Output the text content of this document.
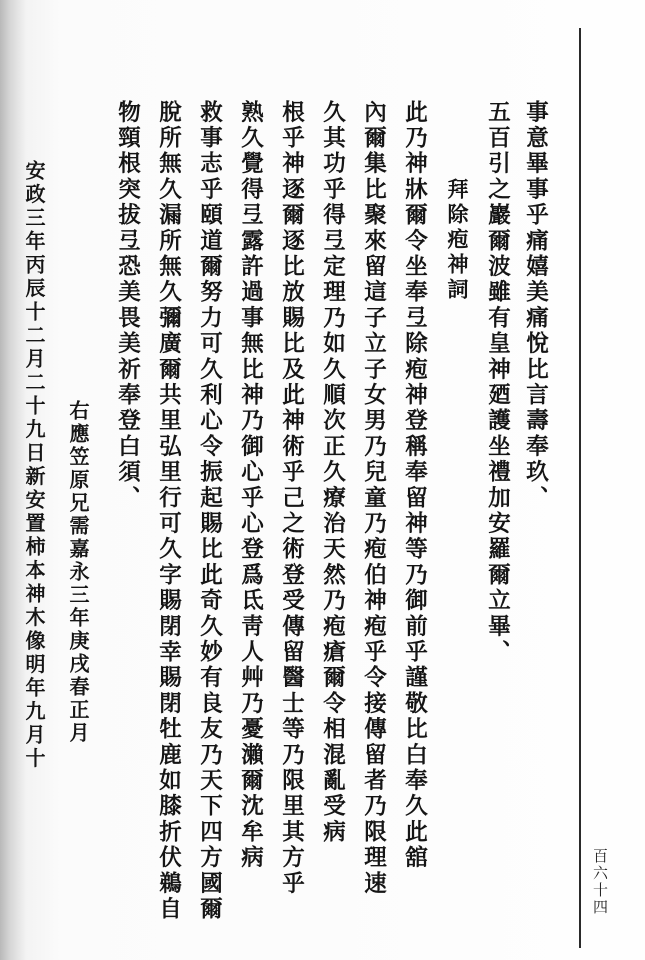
百六十四
事意畢事乎痛嬉美痛悅比言壽奉玖、
五百引之巖爾波雖有皇神廼護坐禮加安羅爾立畢、
拜除疱神詞
此乃神牀爾令坐奉弖除疱神登稱奉留神等乃御前乎謹敬比白奉久此舘
內爾集比聚來留這子立子女男乃兒童乃疱伯神疱乎令接傳留者乃限理速
久其功乎得弖定理乃如久順次正久療治天然乃疱瘡爾令相混亂受病
根乎神逐爾逐比放賜比及此神術乎己之術登受傳留醫士等乃限里其方乎
熟久覺得弖露許過事無比神乃御心乎心登爲氐靑人艸乃憂瀨爾沈牟病
救事志乎頤道爾努力可久利心令振起賜比此奇久妙有良友乃天下四方國爾
脫所無久漏所無久彌廣爾共里弘里行可久字賜閉幸賜閉牡鹿如膝折伏鵜自
物頸根突拔弖恐美畏美祈奉登白須、
右應笠原兄需嘉永三年庚戌春正月
安政三年丙辰十二月二十九日新安置柿本神木像明年九月十
